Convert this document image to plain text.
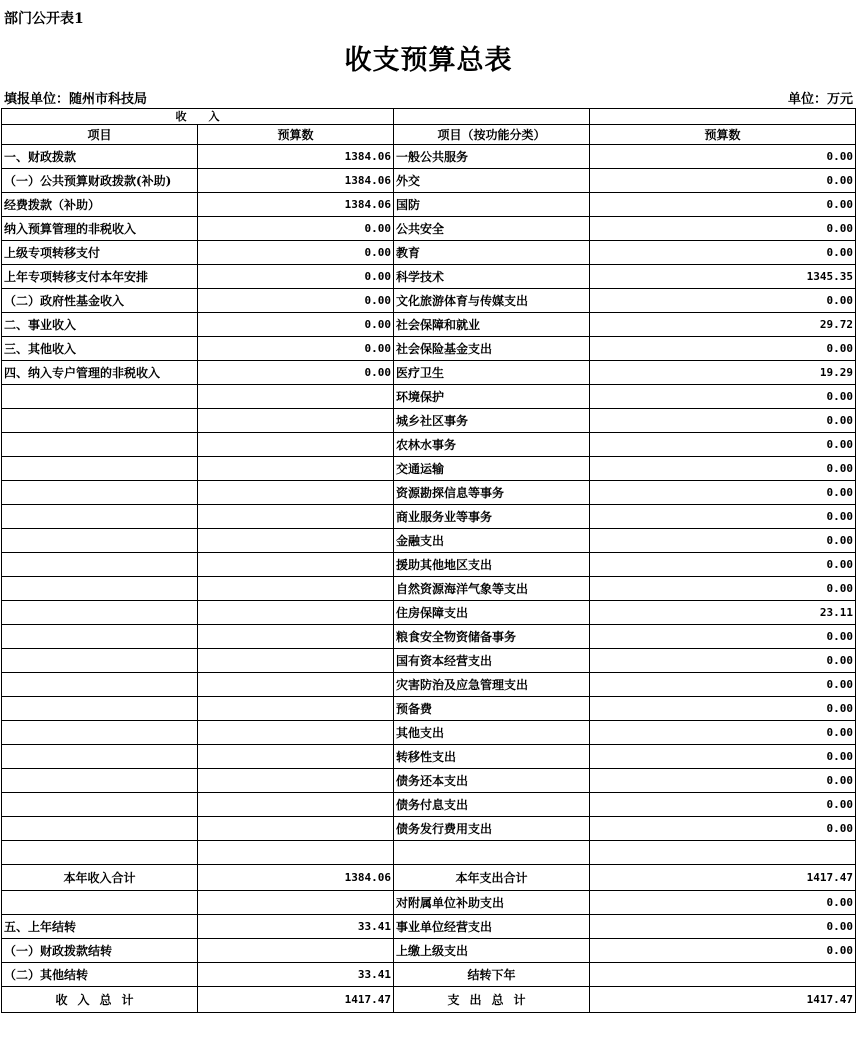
部门公开表1
收支预算总表
填报单位：随州市科技局	单位：万元
收　　入			
项目	预算数	项目（按功能分类）	预算数
一、财政拨款	1384.06	一般公共服务	0.00
（一）公共预算财政拨款(补助)	1384.06	外交	0.00
经费拨款（补助）	1384.06	国防	0.00
纳入预算管理的非税收入	0.00	公共安全	0.00
上级专项转移支付	0.00	教育	0.00
上年专项转移支付本年安排	0.00	科学技术	1345.35
（二）政府性基金收入	0.00	文化旅游体育与传媒支出	0.00
二、事业收入	0.00	社会保障和就业	29.72
三、其他收入	0.00	社会保险基金支出	0.00
四、纳入专户管理的非税收入	0.00	医疗卫生	19.29
		环境保护	0.00
		城乡社区事务	0.00
		农林水事务	0.00
		交通运输	0.00
		资源勘探信息等事务	0.00
		商业服务业等事务	0.00
		金融支出	0.00
		援助其他地区支出	0.00
		自然资源海洋气象等支出	0.00
		住房保障支出	23.11
		粮食安全物资储备事务	0.00
		国有资本经营支出	0.00
		灾害防治及应急管理支出	0.00
		预备费	0.00
		其他支出	0.00
		转移性支出	0.00
		债务还本支出	0.00
		债务付息支出	0.00
		债务发行费用支出	0.00

本年收入合计	1384.06	本年支出合计	1417.47
		对附属单位补助支出	0.00
五、上年结转	33.41	事业单位经营支出	0.00
（一）财政拨款结转		上缴上级支出	0.00
（二）其他结转	33.41	结转下年	
收入总计	1417.47	支出总计	1417.47
